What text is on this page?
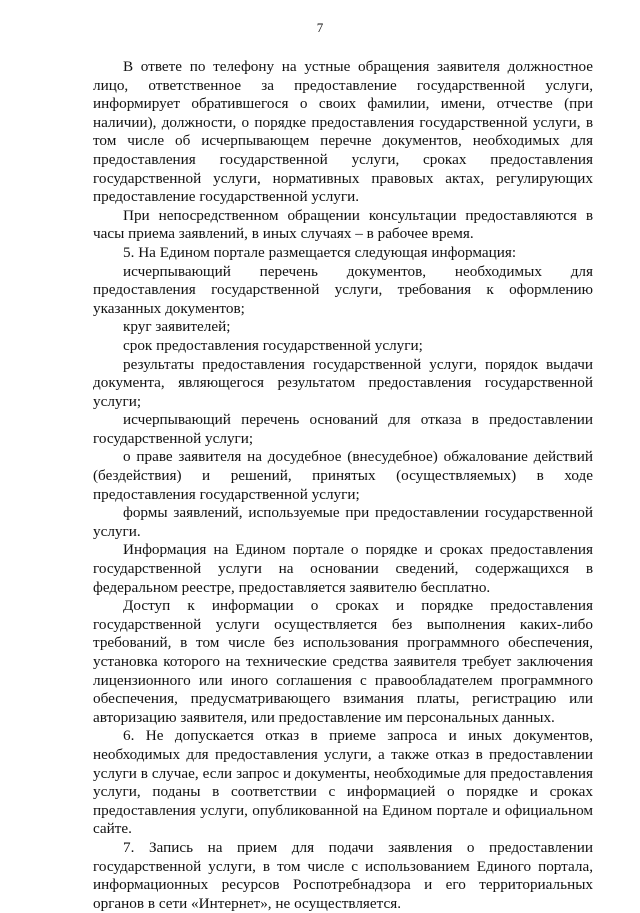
7

В ответе по телефону на устные обращения заявителя должностное лицо, ответственное за предоставление государственной услуги, информирует обратившегося о своих фамилии, имени, отчестве (при наличии), должности, о порядке предоставления государственной услуги, в том числе об исчерпывающем перечне документов, необходимых для предоставления государственной услуги, сроках предоставления государственной услуги, нормативных правовых актах, регулирующих предоставление государственной услуги.

При непосредственном обращении консультации предоставляются в часы приема заявлений, в иных случаях – в рабочее время.

5. На Едином портале размещается следующая информация:

исчерпывающий перечень документов, необходимых для предоставления государственной услуги, требования к оформлению указанных документов;

круг заявителей;

срок предоставления государственной услуги;

результаты предоставления государственной услуги, порядок выдачи документа, являющегося результатом предоставления государственной услуги;

исчерпывающий перечень оснований для отказа в предоставлении государственной услуги;

о праве заявителя на досудебное (внесудебное) обжалование действий (бездействия) и решений, принятых (осуществляемых) в ходе предоставления государственной услуги;

формы заявлений, используемые при предоставлении государственной услуги.

Информация на Едином портале о порядке и сроках предоставления государственной услуги на основании сведений, содержащихся в федеральном реестре, предоставляется заявителю бесплатно.

Доступ к информации о сроках и порядке предоставления государственной услуги осуществляется без выполнения каких-либо требований, в том числе без использования программного обеспечения, установка которого на технические средства заявителя требует заключения лицензионного или иного соглашения с правообладателем программного обеспечения, предусматривающего взимания платы, регистрацию или авторизацию заявителя, или предоставление им персональных данных.

6. Не допускается отказ в приеме запроса и иных документов, необходимых для предоставления услуги, а также отказ в предоставлении услуги в случае, если запрос и документы, необходимые для предоставления услуги, поданы в соответствии с информацией о порядке и сроках предоставления услуги, опубликованной на Едином портале и официальном сайте.

7. Запись на прием для подачи заявления о предоставлении государственной услуги, в том числе с использованием Единого портала, информационных ресурсов Роспотребнадзора и его территориальных органов в сети «Интернет», не осуществляется.
